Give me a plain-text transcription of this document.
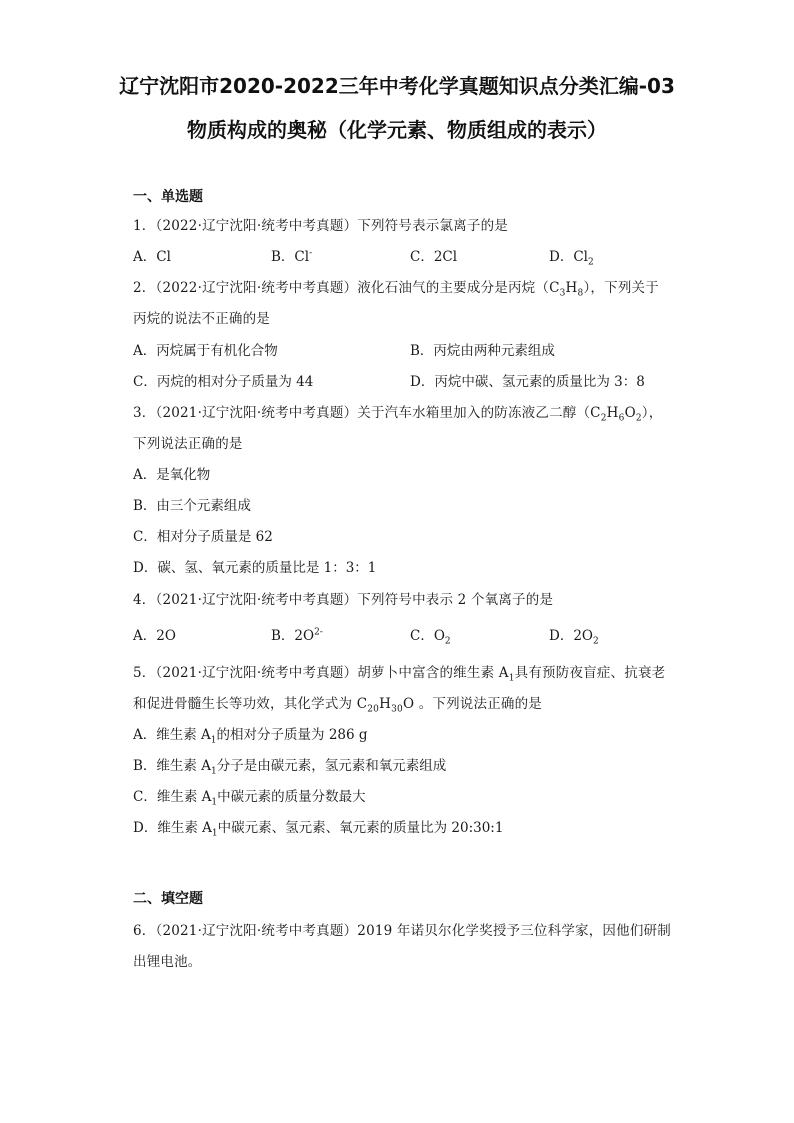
辽宁沈阳市2020-2022三年中考化学真题知识点分类汇编-03
物质构成的奥秘（化学元素、物质组成的表示）
一、单选题
1．（2022·辽宁沈阳·统考中考真题）下列符号表示氯离子的是
A．Cl	B．Cl-	C．2Cl	D．$Cl_2$
2．（2022·辽宁沈阳·统考中考真题）液化石油气的主要成分是丙烷$(C_3H_8)$，下列关于
丙烷的说法不正确的是
A．丙烷属于有机化合物	B．丙烷由两种元素组成
C．丙烷的相对分子质量为 44	D．丙烷中碳、氢元素的质量比为 3：8
3．（2021·辽宁沈阳·统考中考真题）关于汽车水箱里加入的防冻液乙二醇$(C_2H_6O_2)$，
下列说法正确的是
A．是氧化物
B．由三个元素组成
C．相对分子质量是 62
D．碳、氢、氧元素的质量比是 1：3：1
4．（2021·辽宁沈阳·统考中考真题）下列符号中表示 2 个氧离子的是
A．2O	B．$2O^{2-}$	C．$O_2$	D．$2O_2$
5．（2021·辽宁沈阳·统考中考真题）胡萝卜中富含的维生素 $A_1$具有预防夜盲症、抗衰老
和促进骨髓生长等功效，其化学式为 $C_{20}H_{30}O$ 。下列说法正确的是
A．维生素 $A_1$的相对分子质量为 286 g
B．维生素 $A_1$分子是由碳元素，氢元素和氧元素组成
C．维生素 $A_1$中碳元素的质量分数最大
D．维生素 $A_1$中碳元素、氢元素、氧元素的质量比为 20:30:1
二、填空题
6．（2021·辽宁沈阳·统考中考真题）2019 年诺贝尔化学奖授予三位科学家，因他们研制
出锂电池。
